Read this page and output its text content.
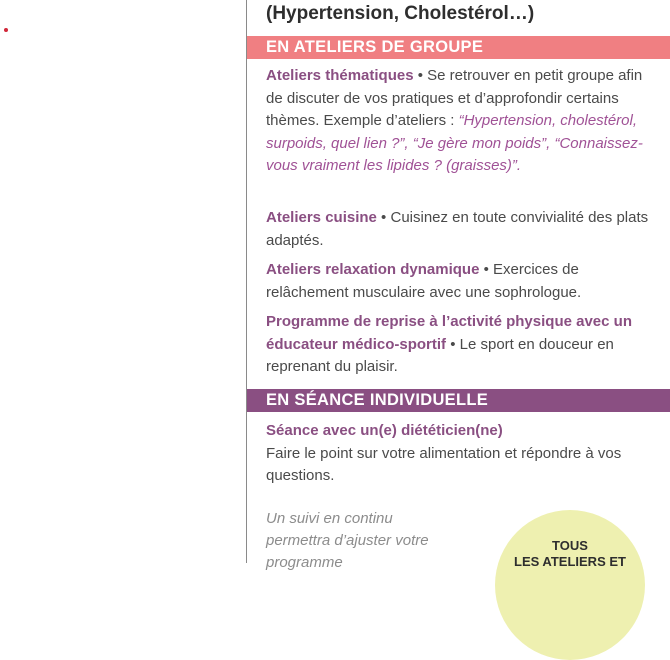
(Hypertension, Cholestérol…)
EN ATELIERS DE GROUPE
Ateliers thématiques • Se retrouver en petit groupe afin de discuter de vos pratiques et d’approfondir certains thèmes. Exemple d’ateliers : “Hypertension, cholestérol, surpoids, quel lien ?”, “Je gère mon poids”, “Connaissez-vous vraiment les lipides ? (graisses)”.
Ateliers cuisine • Cuisinez en toute convivialité des plats adaptés.
Ateliers relaxation dynamique • Exercices de relâchement musculaire avec une sophrologue.
Programme de reprise à l’activité physique avec un éducateur médico-sportif • Le sport en douceur en reprenant du plaisir.
EN SÉANCE INDIVIDUELLE
Séance avec un(e) diététicien(ne)
Faire le point sur votre alimentation et répondre à vos questions.
Un suivi en continu permettra d’ajuster votre programme
TOUS
LES ATELIERS ET
